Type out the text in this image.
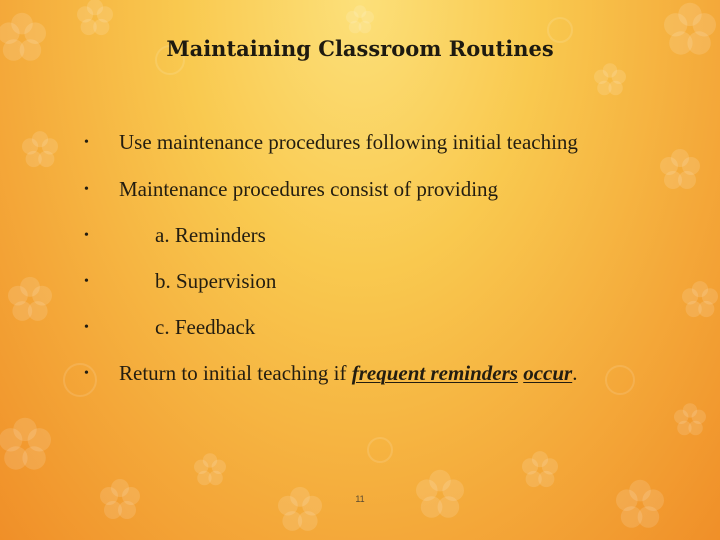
Maintaining Classroom Routines
• Use maintenance procedures following initial teaching
• Maintenance procedures consist of providing
•	a. Reminders
•	b. Supervision
•	c. Feedback
• Return to initial teaching if frequent reminders occur.
11
